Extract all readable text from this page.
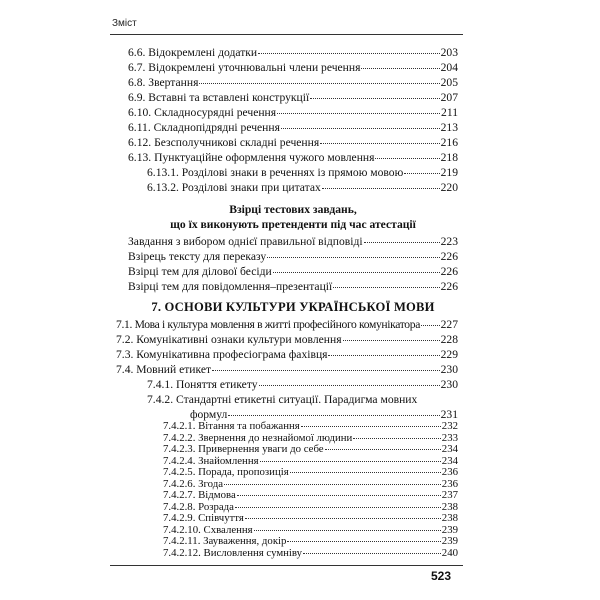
Зміст
6.6. Відокремлені додатки	203
6.7. Відокремлені уточнювальні члени речення	204
6.8. Звертання	205
6.9. Вставні та вставлені конструкції	207
6.10. Складносурядні речення	211
6.11. Складнопідрядні речення	213
6.12. Безсполучникові складні речення	216
6.13. Пунктуаційне оформлення чужого мовлення	218
6.13.1. Розділові знаки в реченнях із прямою мовою	219
6.13.2. Розділові знаки при цитатах	220
Взірці тестових завдань,
що їх виконують претенденти під час атестації
Завдання з вибором однієї правильної відповіді	223
Взірець тексту для переказу	226
Взірці тем для ділової бесіди	226
Взірці тем для повідомлення–презентації	226
7. ОСНОВИ КУЛЬТУРИ УКРАЇНСЬКОЇ МОВИ
7.1. Мова і культура мовлення в житті професійного комунікатора 227
7.2. Комунікативні ознаки культури мовлення	228
7.3. Комунікативна професіограма фахівця	229
7.4. Мовний етикет	230
7.4.1. Поняття етикету	230
7.4.2. Стандартні етикетні ситуації. Парадигма мовних
формул	231
7.4.2.1. Вітання та побажання	232
7.4.2.2. Звернення до незнайомої людини	233
7.4.2.3. Привернення уваги до себе	234
7.4.2.4. Знайомлення	234
7.4.2.5. Порада, пропозиція	236
7.4.2.6. Згода	236
7.4.2.7. Відмова	237
7.4.2.8. Розрада	238
7.4.2.9. Співчуття	238
7.4.2.10. Схвалення	239
7.4.2.11. Зауваження, докір	239
7.4.2.12. Висловлення сумніву	240
523
